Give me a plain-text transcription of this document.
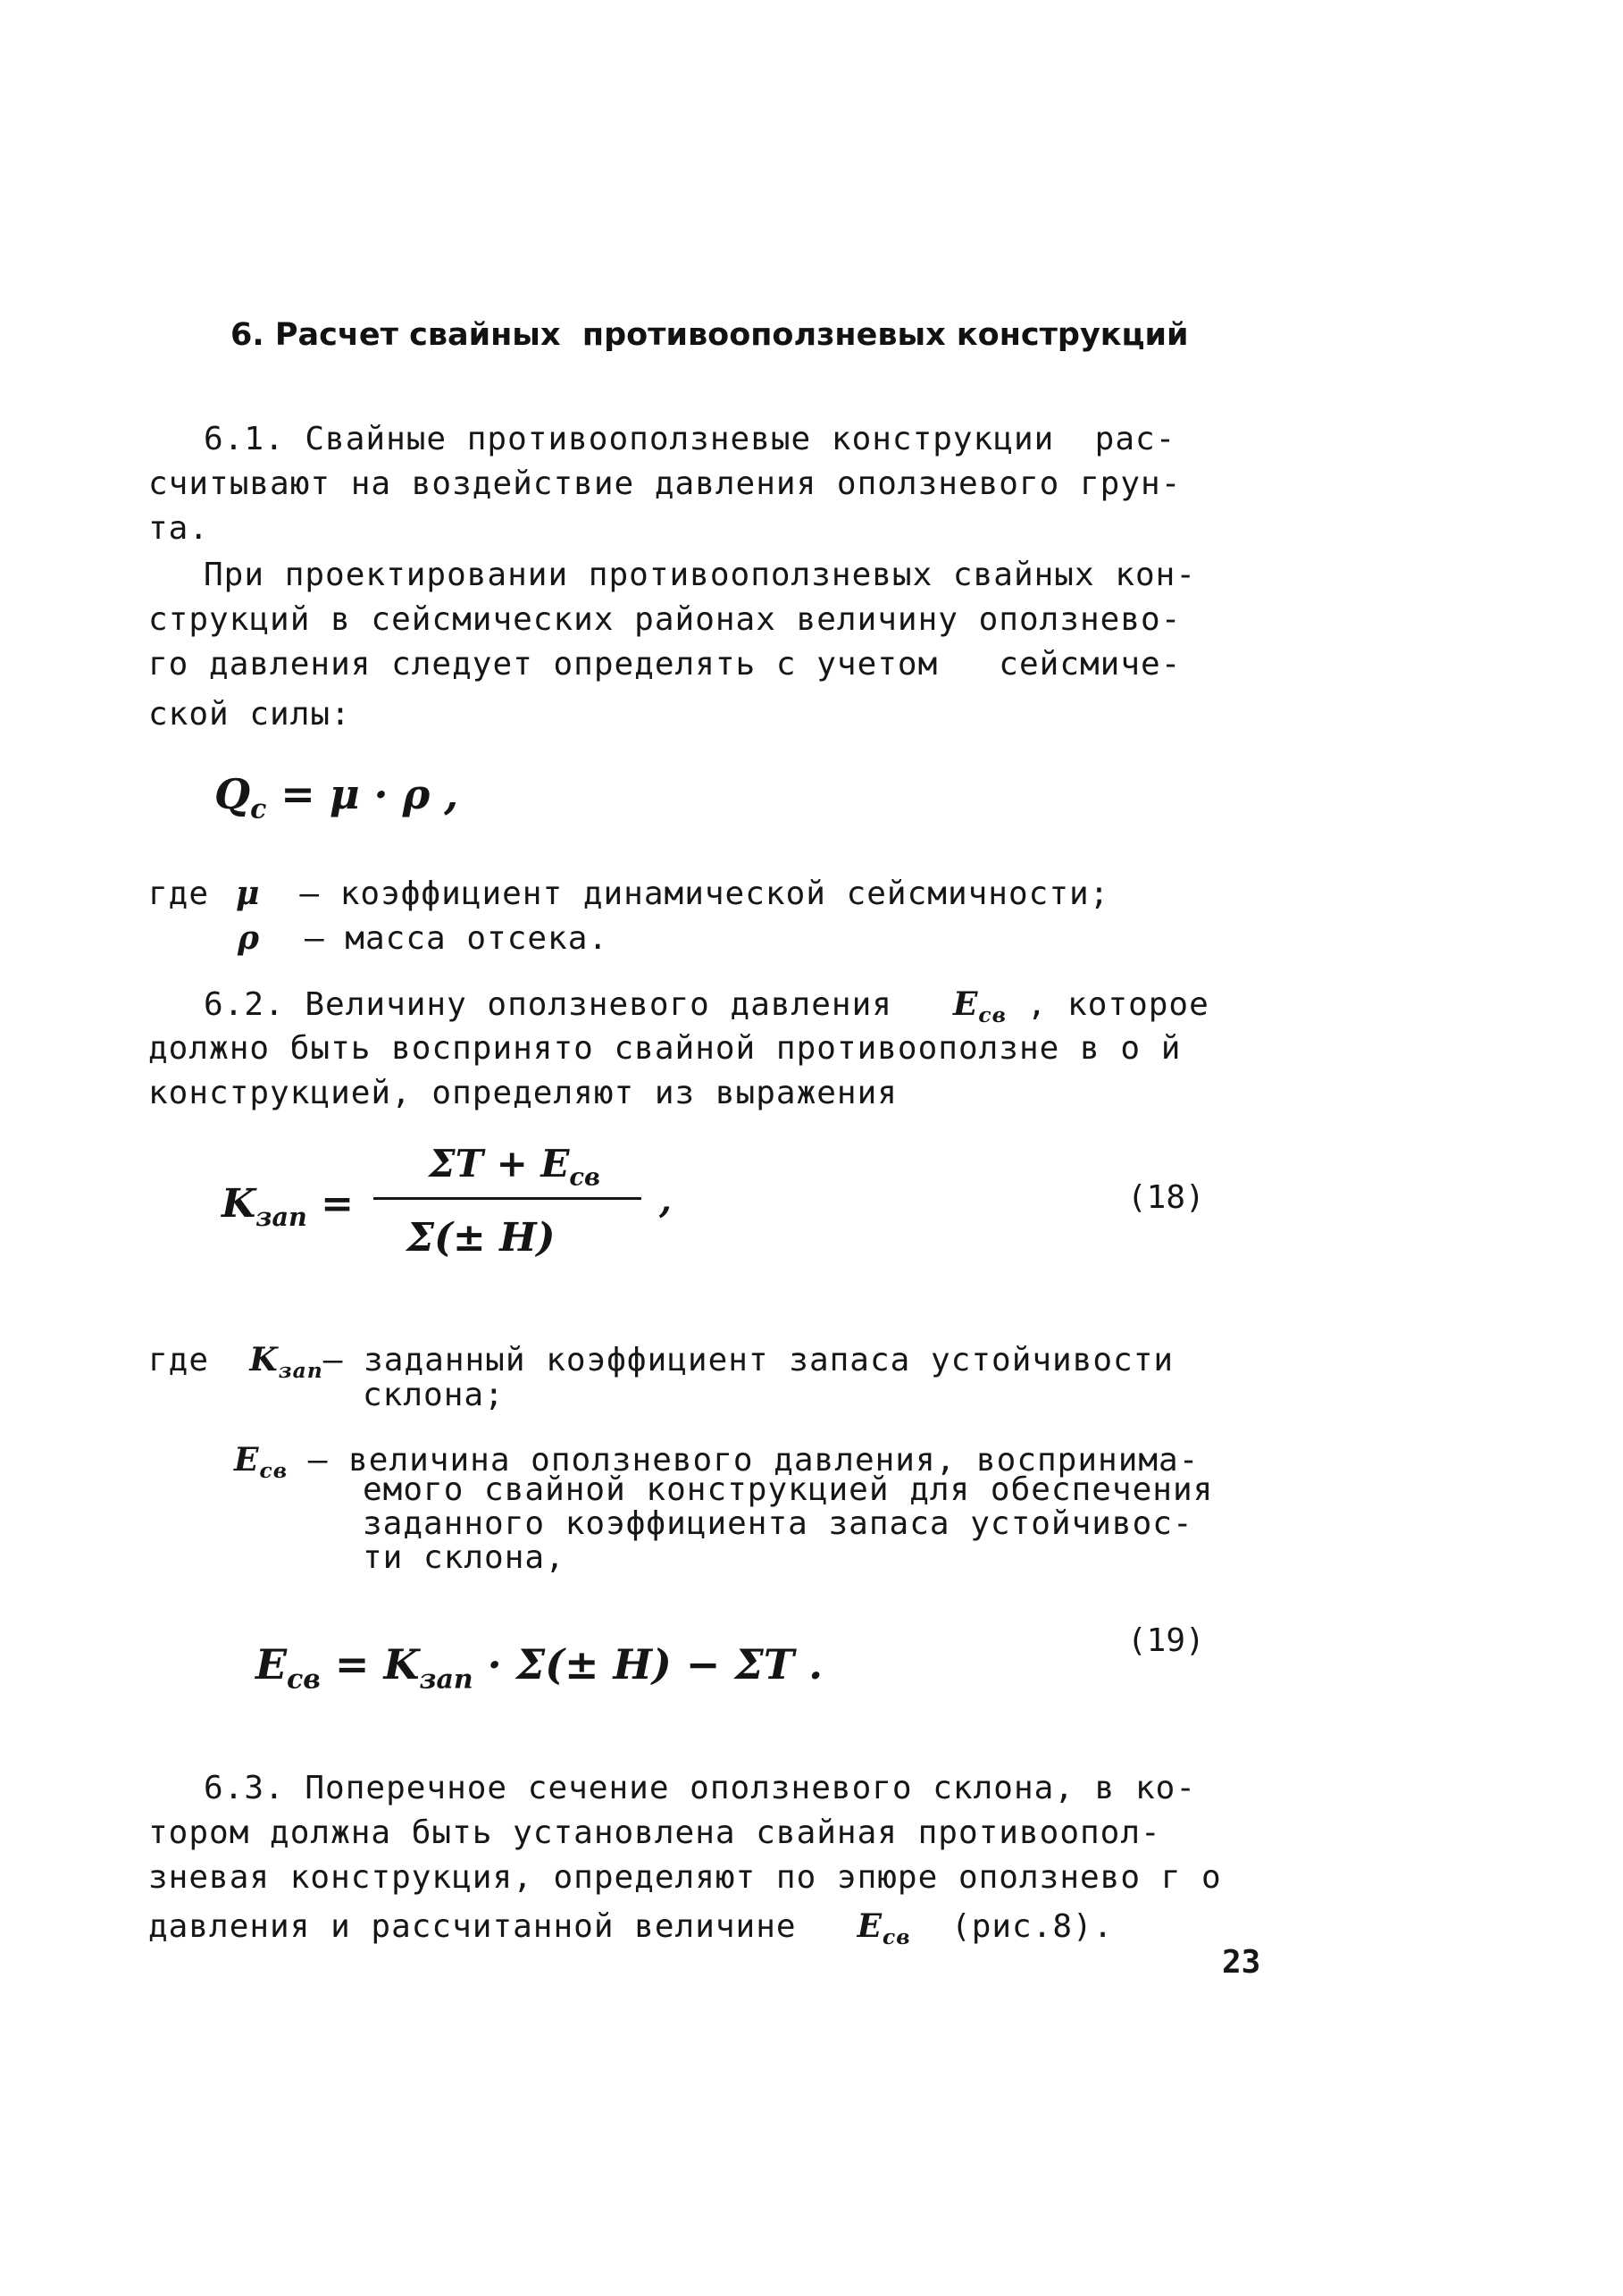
6. Расчет свайных  противооползневых конструкций
6.1. Свайные противооползневые конструкции  рас-
считывают на воздействие давления оползневого грун-
та.
При проектировании противооползневых свайных кон-
струкций в сейсмических районах величину оползнево-
го давления следует определять с учетом   сейсмиче-
ской силы:
$Q_c = \mu \cdot \rho$ ,
где μ – коэффициент динамической сейсмичности;
ρ – масса отсека.
6.2. Величину оползневого давления $E_{cв}$ , которое
должно быть воспринято свайной противооползне в о й
конструкцией, определяют из выражения
$K_{зап}$ =
$\Sigma T + E_{cв}$
Σ(± H)
,	(18)
где $K_{зап}-$ заданный коэффициент запаса устойчивости
склона;
$E_{cв}$ – величина оползневого давления, воспринима-
емого свайной конструкцией для обеспечения
заданного коэффициента запаса устойчивос-
ти склона,
$E_{cв} = K_{зап} \cdot \Sigma(\pm H) - \Sigma T$ .	(19)
6.3. Поперечное сечение оползневого склона, в ко-
тором должна быть установлена свайная противоопол-
зневая конструкция, определяют по эпюре оползнево г о
давления и рассчитанной величине $E_{cв}$ (рис.8).
23
